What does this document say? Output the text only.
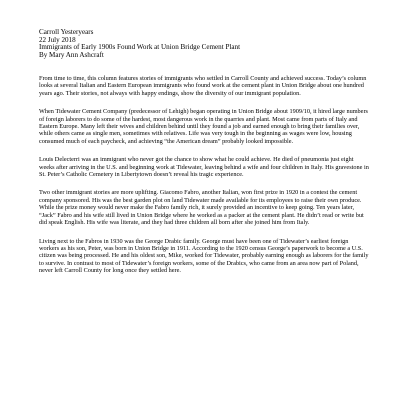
Carroll Yesteryears

22 July 2018

Immigrants of Early 1900s Found Work at Union Bridge Cement Plant

By Mary Ann Ashcraft

From time to time, this column features stories of immigrants who settled in Carroll County and achieved success. Today’s column looks at several Italian and Eastern European immigrants who found work at the cement plant in Union Bridge about one hundred years ago. Their stories, not always with happy endings, show the diversity of our immigrant population.

When Tidewater Cement Company (predecessor of Lehigh) began operating in Union Bridge about 1909/10, it hired large numbers of foreign laborers to do some of the hardest, most dangerous work in the quarries and plant. Most came from parts of Italy and Eastern Europe. Many left their wives and children behind until they found a job and earned enough to bring their families over, while others came as single men, sometimes with relatives. Life was very tough in the beginning as wages were low, housing consumed much of each paycheck, and achieving “the American dream” probably looked impossible.

Louis Delecterri was an immigrant who never got the chance to show what he could achieve. He died of pneumonia just eight weeks after arriving in the U.S. and beginning work at Tidewater, leaving behind a wife and four children in Italy. His gravestone in St. Peter’s Catholic Cemetery in Libertytown doesn’t reveal his tragic experience.

Two other immigrant stories are more uplifting. Giacomo Fabro, another Italian, won first prize in 1920 in a contest the cement company sponsored. His was the best garden plot on land Tidewater made available for its employees to raise their own produce. While the prize money would never make the Fabro family rich, it surely provided an incentive to keep going. Ten years later, “Jack” Fabro and his wife still lived in Union Bridge where he worked as a packer at the cement plant. He didn’t read or write but did speak English. His wife was literate, and they had three children all born after she joined him from Italy.

Living next to the Fabros in 1930 was the George Drabic family. George must have been one of Tidewater’s earliest foreign workers as his son, Peter, was born in Union Bridge in 1911. According to the 1920 census George’s paperwork to become a U.S. citizen was being processed. He and his oldest son, Mike, worked for Tidewater, probably earning enough as laborers for the family to survive. In contrast to most of Tidewater’s foreign workers, some of the Drabics, who came from an area now part of Poland, never left Carroll County for long once they settled here.
